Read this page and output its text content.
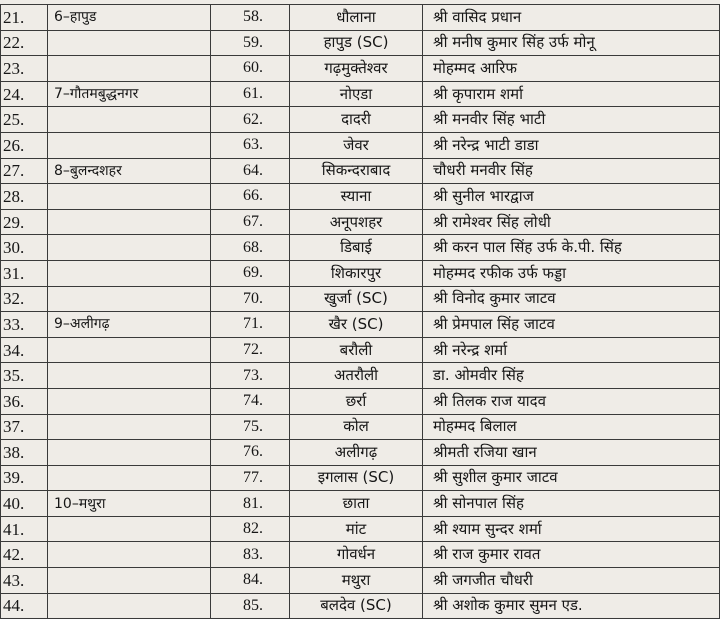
21.	6–हापुड	58.	धौलाना	श्री वासिद प्रधान
22.		59.	हापुड (SC)	श्री मनीष कुमार सिंह उर्फ मोनू
23.		60.	गढ़मुक्तेश्वर	मोहम्मद आरिफ
24.	7–गौतमबुद्धनगर	61.	नोएडा	श्री कृपाराम शर्मा
25.		62.	दादरी	श्री मनवीर सिंह भाटी
26.		63.	जेवर	श्री नरेन्द्र भाटी डाडा
27.	8–बुलन्दशहर	64.	सिकन्दराबाद	चौधरी मनवीर सिंह
28.		66.	स्याना	श्री सुनील भारद्वाज
29.		67.	अनूपशहर	श्री रामेश्वर सिंह लोधी
30.		68.	डिबाई	श्री करन पाल सिंह उर्फ के.पी. सिंह
31.		69.	शिकारपुर	मोहम्मद रफीक उर्फ फड्डा
32.		70.	खुर्जा (SC)	श्री विनोद कुमार जाटव
33.	9–अलीगढ़	71.	खैर (SC)	श्री प्रेमपाल सिंह जाटव
34.		72.	बरौली	श्री नरेन्द्र शर्मा
35.		73.	अतरौली	डा. ओमवीर सिंह
36.		74.	छर्रा	श्री तिलक राज यादव
37.		75.	कोल	मोहम्मद बिलाल
38.		76.	अलीगढ़	श्रीमती रजिया खान
39.		77.	इगलास (SC)	श्री सुशील कुमार जाटव
40.	10–मथुरा	81.	छाता	श्री सोनपाल सिंह
41.		82.	मांट	श्री श्याम सुन्दर शर्मा
42.		83.	गोवर्धन	श्री राज कुमार रावत
43.		84.	मथुरा	श्री जगजीत चौधरी
44.		85.	बलदेव (SC)	श्री अशोक कुमार सुमन एड.
